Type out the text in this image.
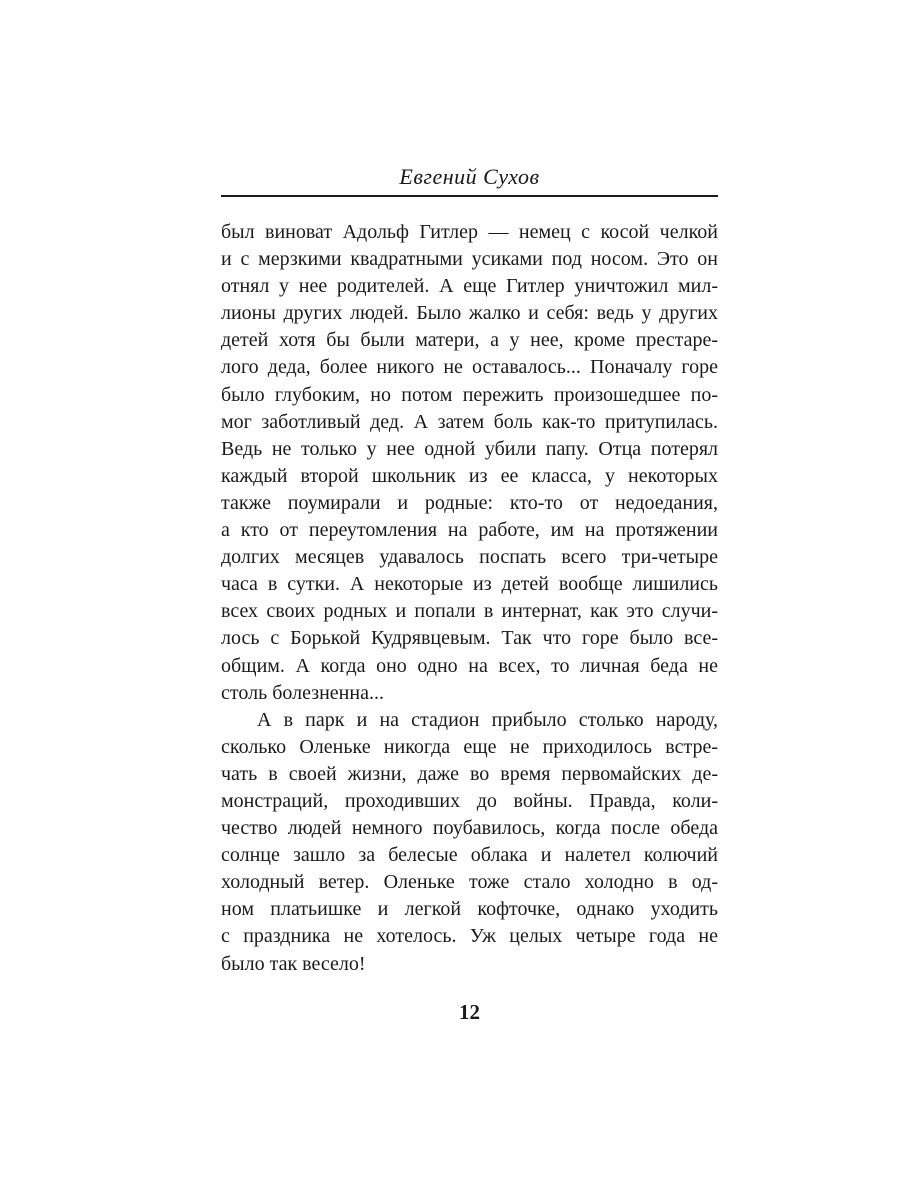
Евгений Сухов
был виноват Адольф Гитлер — немец с косой челкой
и с мерзкими квадратными усиками под носом. Это он
отнял у нее родителей. А еще Гитлер уничтожил мил-
лионы других людей. Было жалко и себя: ведь у других
детей хотя бы были матери, а у нее, кроме престаре-
лого деда, более никого не оставалось... Поначалу горе
было глубоким, но потом пережить произошедшее по-
мог заботливый дед. А затем боль как-то притупилась.
Ведь не только у нее одной убили папу. Отца потерял
каждый второй школьник из ее класса, у некоторых
также поумирали и родные: кто-то от недоедания,
а кто от переутомления на работе, им на протяжении
долгих месяцев удавалось поспать всего три-четыре
часа в сутки. А некоторые из детей вообще лишились
всех своих родных и попали в интернат, как это случи-
лось с Борькой Кудрявцевым. Так что горе было все-
общим. А когда оно одно на всех, то личная беда не
столь болезненна...
А в парк и на стадион прибыло столько народу,
сколько Оленьке никогда еще не приходилось встре-
чать в своей жизни, даже во время первомайских де-
монстраций, проходивших до войны. Правда, коли-
чество людей немного поубавилось, когда после обеда
солнце зашло за белесые облака и налетел колючий
холодный ветер. Оленьке тоже стало холодно в од-
ном платьишке и легкой кофточке, однако уходить
с праздника не хотелось. Уж целых четыре года не
было так весело!
12
